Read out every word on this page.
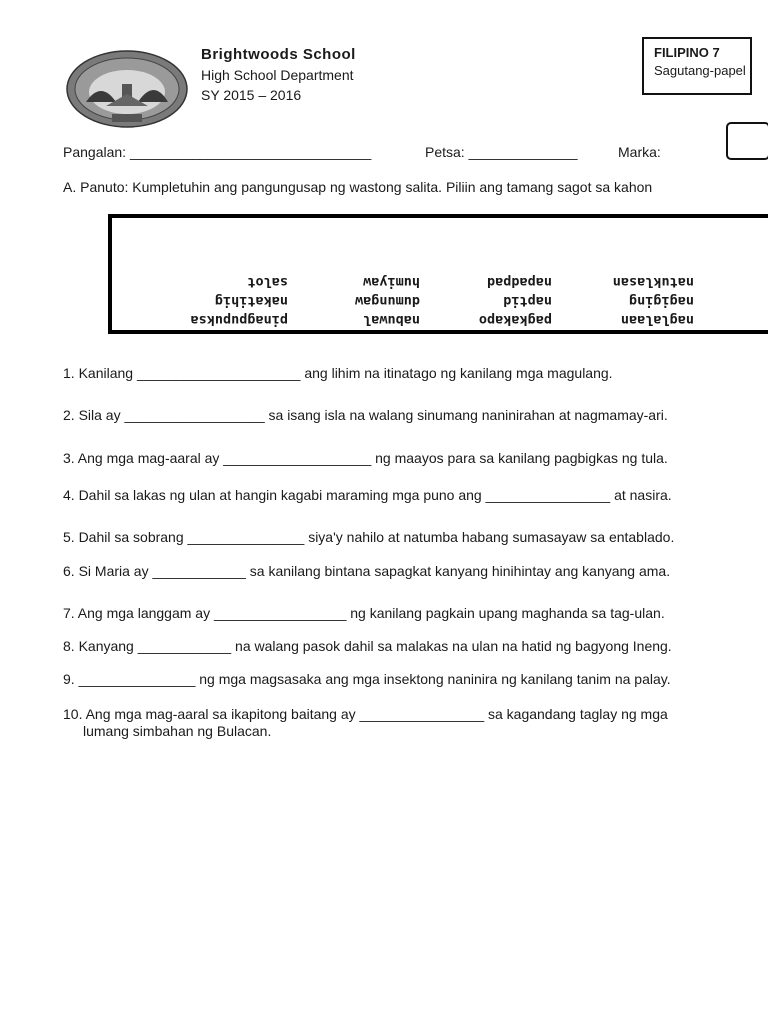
Brightwoods School
High School Department
SY 2015 – 2016
FILIPINO 7
Sagutang-papel
Pangalan: _______________________________	Petsa: ______________	Marka:
A. Panuto: Kumpletuhin ang pangungusap ng wastong salita. Piliin ang tamang sagot sa kahon
naglalaan
nagiging
natuklasan
pagkakapo
naptid
napadpad
nabuwal
dumungaw
humiyaw
pinagpupuksa
nakatihig
salot
1. Kanilang _____________________ ang lihim na itinatago ng kanilang mga magulang.
2. Sila ay __________________ sa isang isla na walang sinumang naninirahan at nagmamay-ari.
3. Ang mga mag-aaral ay ___________________ ng maayos para sa kanilang pagbigkas ng tula.
4. Dahil sa lakas ng ulan at hangin kagabi maraming mga puno ang ________________ at nasira.
5. Dahil sa sobrang _______________ siya'y nahilo at natumba habang sumasayaw sa entablado.
6. Si Maria ay ____________ sa kanilang bintana sapagkat kanyang hinihintay ang kanyang ama.
7. Ang mga langgam ay _________________ ng kanilang pagkain upang maghanda sa tag-ulan.
8. Kanyang ____________ na walang pasok dahil sa malakas na ulan na hatid ng bagyong Ineng.
9. _______________ ng mga magsasaka ang mga insektong naninira ng kanilang tanim na palay.
10. Ang mga mag-aaral sa ikapitong baitang ay ________________ sa kagandang taglay ng mga
lumang simbahan ng Bulacan.
